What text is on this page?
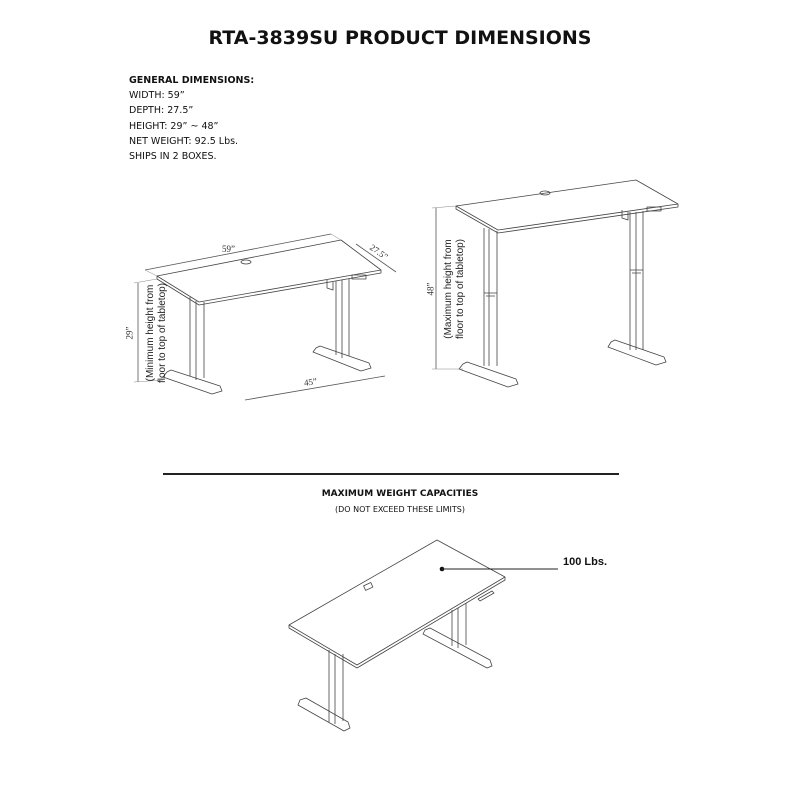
RTA-3839SU PRODUCT DIMENSIONS
GENERAL DIMENSIONS:
WIDTH: 59”
DEPTH: 27.5”
HEIGHT: 29” ~ 48”
NET WEIGHT: 92.5 Lbs.
SHIPS IN 2 BOXES.
59”	27.5”
29”
45”
(Minimum height from floor to top of tabletop)	48” (Maximum height from floor to top of tabletop)
MAXIMUM WEIGHT CAPACITIES
(DO NOT EXCEED THESE LIMITS)
100 Lbs.
